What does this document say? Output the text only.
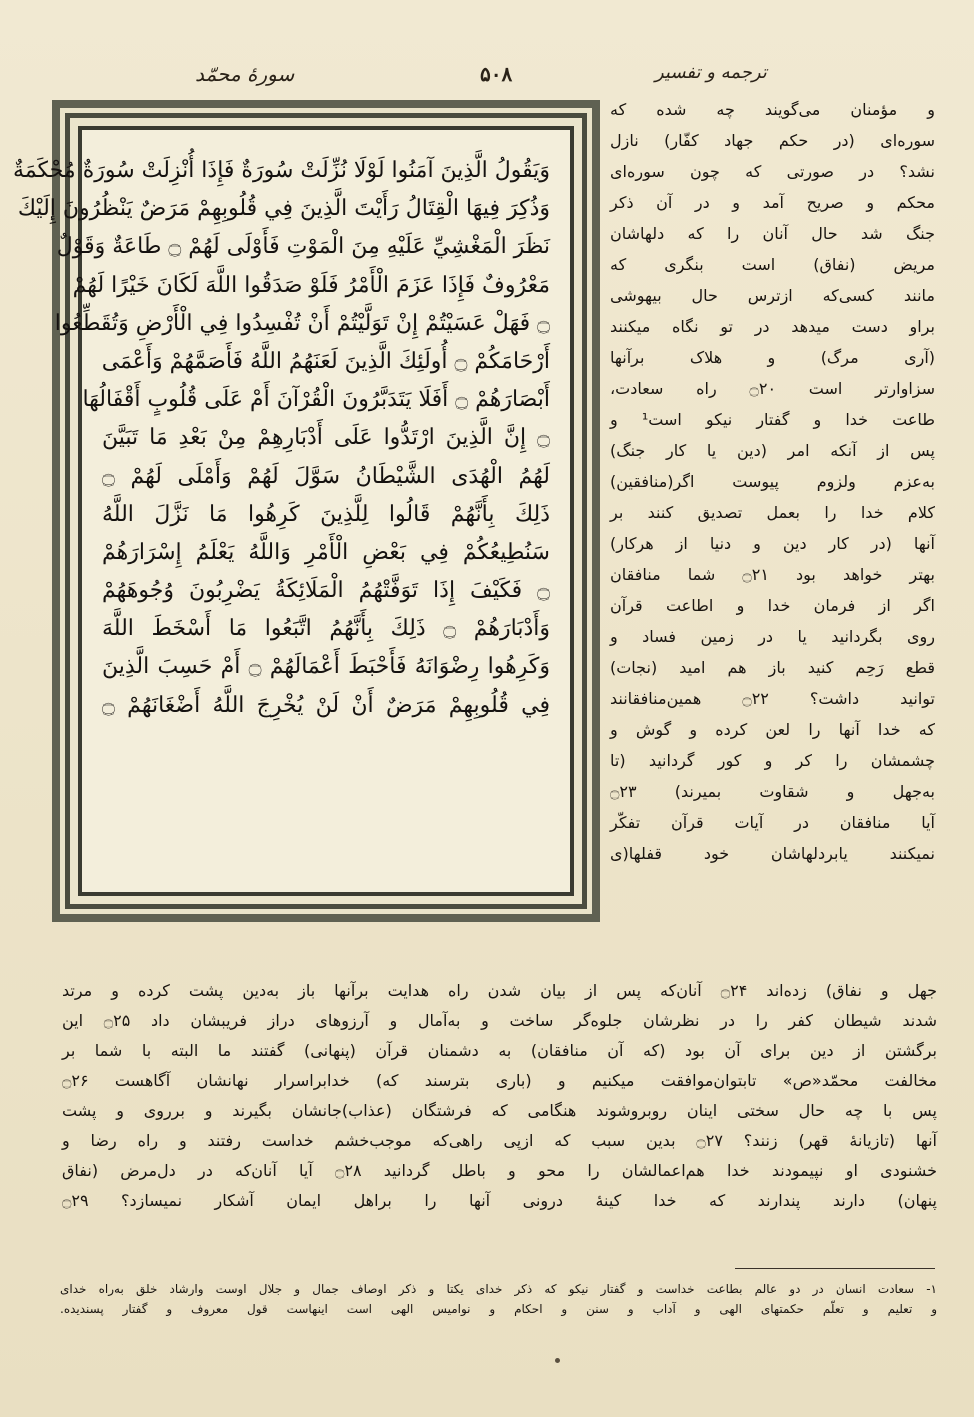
سورهٔ محمّد	۵۰۸	ترجمه و تفسیر
وَيَقُولُ الَّذِينَ آمَنُوا لَوْلَا نُزِّلَتْ سُورَةٌ فَإِذَا أُنْزِلَتْ سُورَةٌ مُحْكَمَةٌ
وَذُكِرَ فِيهَا الْقِتَالُ رَأَيْتَ الَّذِينَ فِي قُلُوبِهِمْ مَرَضٌ يَنْظُرُونَ إِلَيْكَ
نَظَرَ الْمَغْشِيِّ عَلَيْهِ مِنَ الْمَوْتِ فَأَوْلَى لَهُمْ ۝ طَاعَةٌ وَقَوْلٌ
مَعْرُوفٌ فَإِذَا عَزَمَ الْأَمْرُ فَلَوْ صَدَقُوا اللَّهَ لَكَانَ خَيْرًا لَهُمْ
۝ فَهَلْ عَسَيْتُمْ إِنْ تَوَلَّيْتُمْ أَنْ تُفْسِدُوا فِي الْأَرْضِ وَتُقَطِّعُوا
أَرْحَامَكُمْ ۝ أُولَئِكَ الَّذِينَ لَعَنَهُمُ اللَّهُ فَأَصَمَّهُمْ وَأَعْمَى
أَبْصَارَهُمْ ۝ أَفَلَا يَتَدَبَّرُونَ الْقُرْآنَ أَمْ عَلَى قُلُوبٍ أَقْفَالُهَا
۝ إِنَّ الَّذِينَ ارْتَدُّوا عَلَى أَدْبَارِهِمْ مِنْ بَعْدِ مَا تَبَيَّنَ
لَهُمُ الْهُدَى الشَّيْطَانُ سَوَّلَ لَهُمْ وَأَمْلَى لَهُمْ ۝
ذَلِكَ بِأَنَّهُمْ قَالُوا لِلَّذِينَ كَرِهُوا مَا نَزَّلَ اللَّهُ
سَنُطِيعُكُمْ فِي بَعْضِ الْأَمْرِ وَاللَّهُ يَعْلَمُ إِسْرَارَهُمْ
۝ فَكَيْفَ إِذَا تَوَفَّتْهُمُ الْمَلَائِكَةُ يَضْرِبُونَ وُجُوهَهُمْ
وَأَدْبَارَهُمْ ۝ ذَلِكَ بِأَنَّهُمُ اتَّبَعُوا مَا أَسْخَطَ اللَّهَ
وَكَرِهُوا رِضْوَانَهُ فَأَحْبَطَ أَعْمَالَهُمْ ۝ أَمْ حَسِبَ الَّذِينَ
فِي قُلُوبِهِمْ مَرَضٌ أَنْ لَنْ يُخْرِجَ اللَّهُ أَضْغَانَهُمْ ۝
و مؤمنان می‌گویند چه شده که
سوره‌ای (در حکم جهاد کفّار) نازل
نشد؟ در صورتی که چون سوره‌ای
محکم و صریح آمد و در آن ذکر
جنگ شد حال آنان را که دلهاشان
مریض (نفاق) است بنگری که
مانند کسی‌که ازترس حال بیهوشی
براو دست میدهد در تو نگاه میکنند
(آری مرگ) و هلاک برآنها
سزاوارتر است ۝۲۰ راه سعادت،
طاعت خدا و گفتار نیکو است¹ و
پس از آنکه امر (دین یا کار جنگ)
به‌عزم ولزوم پیوست اگر(منافقین)
کلام خدا را بعمل تصدیق کنند بر
آنها (در کار دین و دنیا از هرکار)
بهتر خواهد بود ۝۲۱ شما منافقان
اگر از فرمان خدا و اطاعت قرآن
روی بگردانید یا در زمین فساد و
قطع رَحِم کنید باز هم امید (نجات)
توانید داشت؟ ۝۲۲ همین‌منافقانند
که خدا آنها را لعن کرده و گوش و
چشمشان را کر و کور گردانید (تا
به‌جهل و شقاوت بمیرند) ۝۲۳
آیا منافقان در آیات قرآن تفکّر
نمیکنند یابردلهاشان خود قفلها(ی
جهل و نفاق) زده‌اند ۝۲۴ آنان‌که پس از بیان شدن راه هدایت برآنها باز به‌دین پشت کرده و مرتد
شدند شیطان کفر را در نظرشان جلوه‌گر ساخت و به‌آمال و آرزوهای دراز فریبشان داد ۝۲۵ این
برگشتن از دین برای آن بود (که آن منافقان) به دشمنان قرآن (پنهانی) گفتند ما البته با شما بر
مخالفت محمّد«ص» تابتوان‌موافقت میکنیم و (باری بترسند که) خدابراسرار نهانشان آگاهست ۝۲۶
پس با چه حال سختی اینان روبروشوند هنگامی که فرشتگان (عذاب)جانشان بگیرند و برروی و پشت
آنها (تازیانهٔ قهر) زنند؟ ۝۲۷ بدین سبب که ازپی راهی‌که موجب‌خشم خداست رفتند و راه رضا و
خشنودی او نپیمودند خدا هم‌اعمالشان را محو و باطل گردانید ۝۲۸ آیا آنان‌که در دل‌مرض (نفاق
پنهان) دارند پندارند که خدا کینهٔ درونی آنها را براهل ایمان آشکار نمیسازد؟ ۝۲۹
۱- سعادت انسان در دو عالم بطاعت خداست و گفتار نیکو که ذکر خدای یکتا و ذکر اوصاف جمال و جلال اوست وارشاد خلق به‌راه خدای
و تعلیم و تعلّم حکمتهای الهی و آداب و سنن و احکام و نوامیس الهی است اینهاست قول معروف و گفتار پسندیده.
